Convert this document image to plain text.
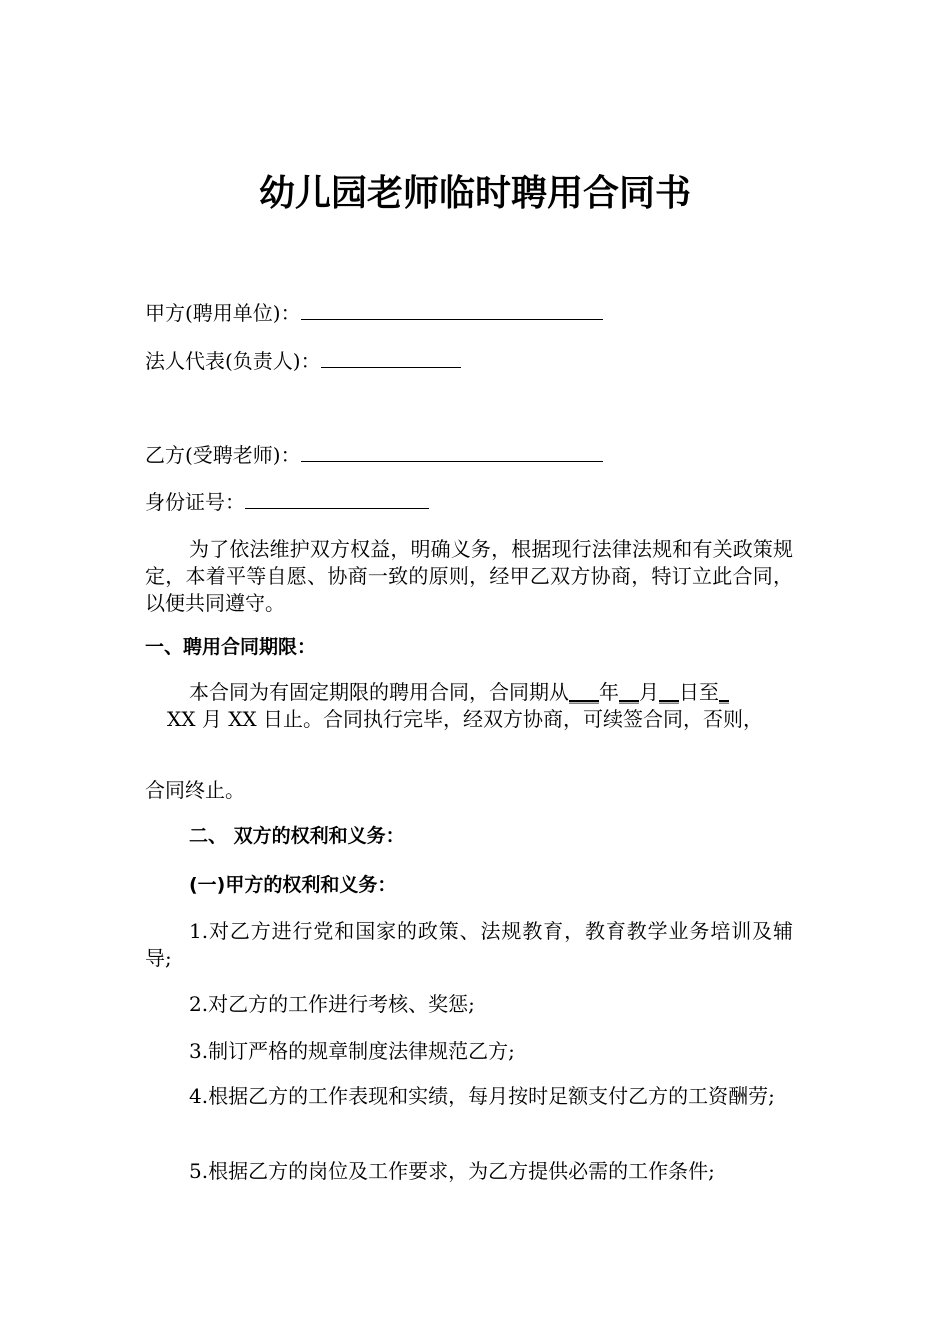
幼儿园老师临时聘用合同书
甲方(聘用单位)：
法人代表(负责人)：
乙方(受聘老师)：
身份证号：
为了依法维护双方权益，明确义务，根据现行法律法规和有关政策规定，本着平等自愿、协商一致的原则，经甲乙双方协商，特订立此合同，以便共同遵守。
一、聘用合同期限：
本合同为有固定期限的聘用合同，合同期从___年__月__日至_
XX 月 XX 日止。合同执行完毕，经双方协商，可续签合同，否则，
合同终止。
二、 双方的权利和义务：
(一)甲方的权利和义务：
1.对乙方进行党和国家的政策、法规教育，教育教学业务培训及辅导;
2.对乙方的工作进行考核、奖惩;
3.制订严格的规章制度法律规范乙方;
4.根据乙方的工作表现和实绩，每月按时足额支付乙方的工资酬劳;
5.根据乙方的岗位及工作要求，为乙方提供必需的工作条件;
